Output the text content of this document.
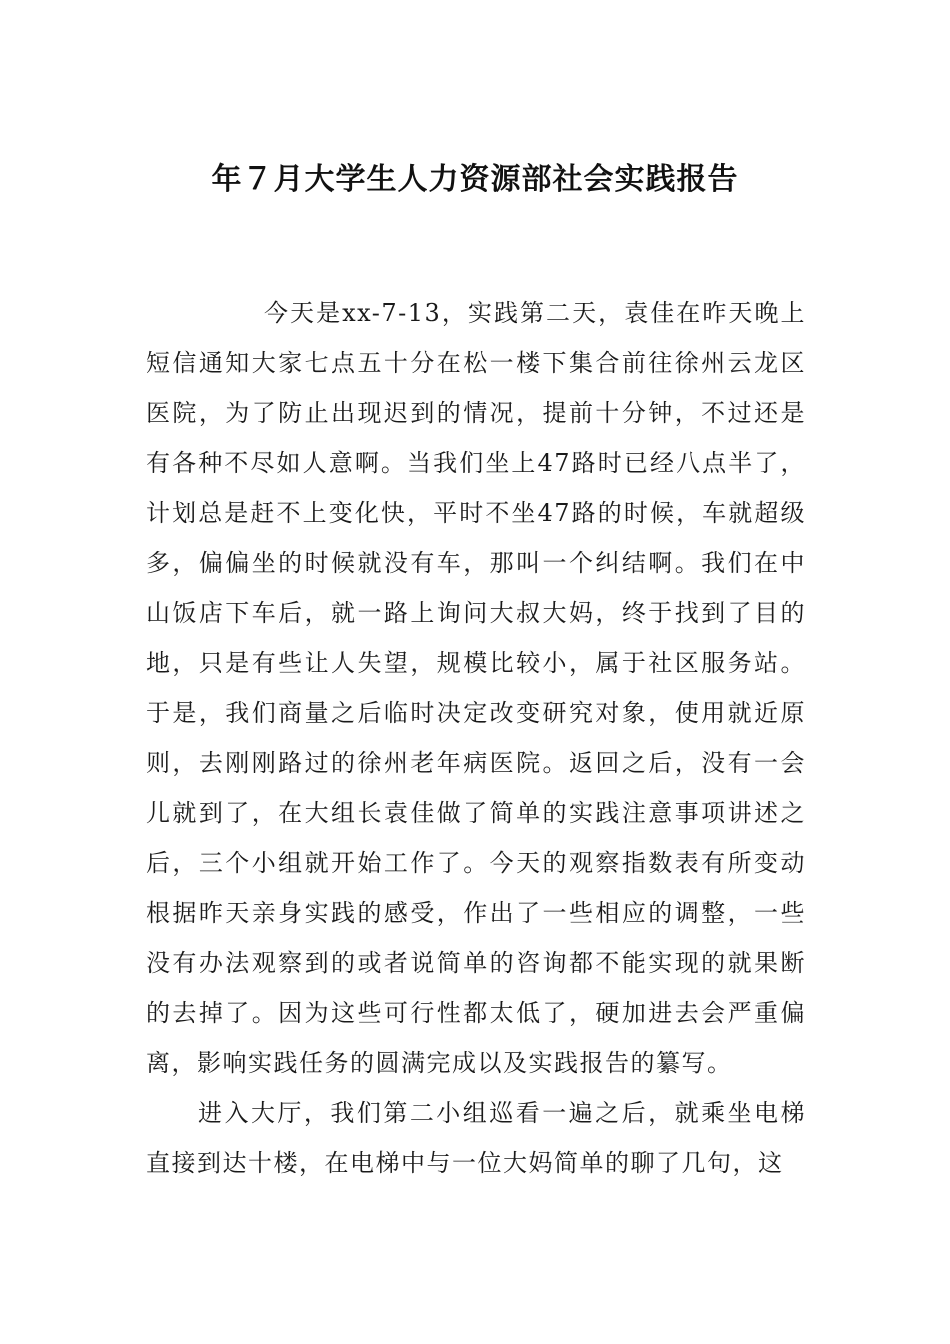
年７月大学生人力资源部社会实践报告

今天是xx-7-13，实践第二天，袁佳在昨天晚上短信通知大家七点五十分在松一楼下集合前往徐州云龙区医院，为了防止出现迟到的情况，提前十分钟，不过还是有各种不尽如人意啊。当我们坐上47路时已经八点半了，计划总是赶不上变化快，平时不坐47路的时候，车就超级多，偏偏坐的时候就没有车，那叫一个纠结啊。我们在中山饭店下车后，就一路上询问大叔大妈，终于找到了目的地，只是有些让人失望，规模比较小，属于社区服务站。于是，我们商量之后临时决定改变研究对象，使用就近原则，去刚刚路过的徐州老年病医院。返回之后，没有一会儿就到了，在大组长袁佳做了简单的实践注意事项讲述之后，三个小组就开始工作了。今天的观察指数表有所变动根据昨天亲身实践的感受，作出了一些相应的调整，一些没有办法观察到的或者说简单的咨询都不能实现的就果断的去掉了。因为这些可行性都太低了，硬加进去会严重偏离，影响实践任务的圆满完成以及实践报告的纂写。

进入大厅，我们第二小组巡看一遍之后，就乘坐电梯直接到达十楼，在电梯中与一位大妈简单的聊了几句，这
